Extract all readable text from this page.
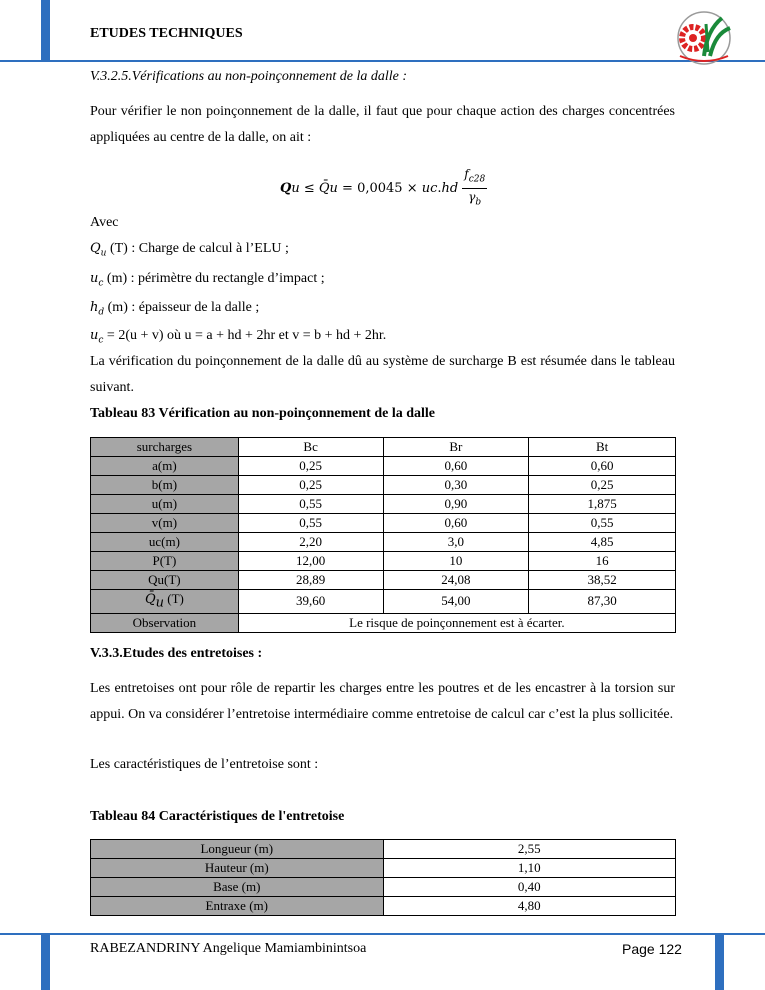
ETUDES TECHNIQUES
V.3.2.5.Vérifications au non-poinçonnement de la dalle :
Pour vérifier le non poinçonnement de la dalle, il faut que pour chaque action des charges concentrées appliquées au centre de la dalle, on ait :
Q u ≤ Q̄ u = 0,0045 × u c . h d $\frac{f_{c28}}{\gamma_b}$
Avec
$Q_u$ (T) : Charge de calcul à l’ELU ;
$u_c$ (m) : périmètre du rectangle d’impact ;
$h_d$ (m) : épaisseur de la dalle ;
$u_c = 2(u + v)$ où u = a + hd + 2hr et v = b + hd + 2hr.
La vérification du poinçonnement de la dalle dû au système de surcharge B est résumée dans le tableau suivant.
Tableau 83 Vérification au non-poinçonnement de la dalle
surcharges	Bc	Br	Bt
a(m)	0,25	0,60	0,60
b(m)	0,25	0,30	0,25
u(m)	0,55	0,90	1,875
v(m)	0,55	0,60	0,55
uc(m)	2,20	3,0	4,85
P(T)	12,00	10	16
Qu(T)	28,89	24,08	38,52
$Q̄_u$ (T)	39,60	54,00	87,30
Observation	Le risque de poinçonnement est à écarter.		
V.3.3.Etudes des entretoises :
Les entretoises ont pour rôle de repartir les charges entre les poutres et de les encastrer à la torsion sur appui. On va considérer l’entretoise intermédiaire comme entretoise de calcul car c’est la plus sollicitée.
Les caractéristiques de l’entretoise sont :
Tableau 84 Caractéristiques de l'entretoise
Longueur (m)	2,55
Hauteur (m)	1,10
Base (m)	0,40
Entraxe (m)	4,80
RABEZANDRINY Angelique Mamiambinintsoa	Page 122
